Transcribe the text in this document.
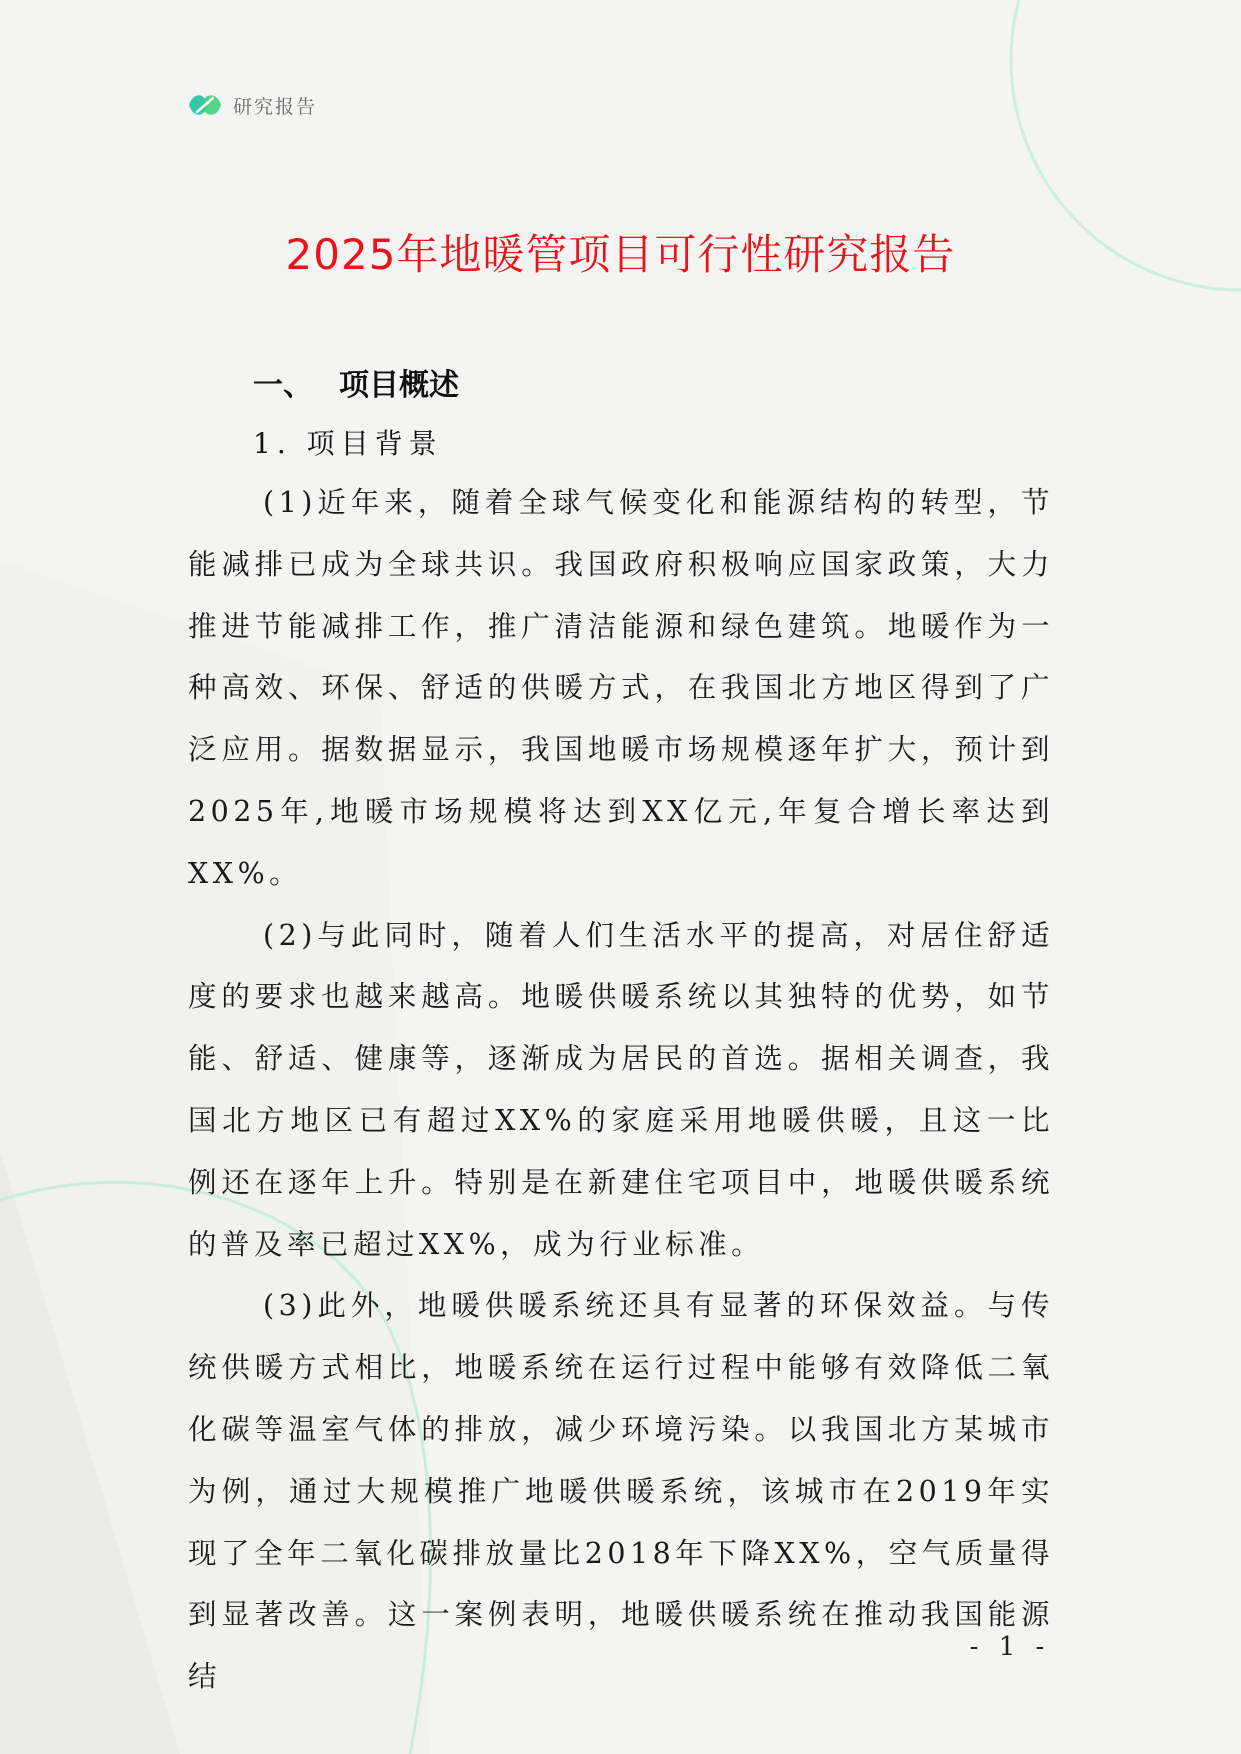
研究报告
2025年地暖管项目可行性研究报告
一、 项目概述
1. 项目背景

(1)近年来，随着全球气候变化和能源结构的转型，节能减排已成为全球共识。我国政府积极响应国家政策，大力推进节能减排工作，推广清洁能源和绿色建筑。地暖作为一种高效、环保、舒适的供暖方式，在我国北方地区得到了广泛应用。据数据显示，我国地暖市场规模逐年扩大，预计到2025年,地暖市场规模将达到XX亿元,年复合增长率达到XX%。

(2)与此同时，随着人们生活水平的提高，对居住舒适度的要求也越来越高。地暖供暖系统以其独特的优势，如节能、舒适、健康等，逐渐成为居民的首选。据相关调查，我国北方地区已有超过XX%的家庭采用地暖供暖，且这一比例还在逐年上升。特别是在新建住宅项目中，地暖供暖系统的普及率已超过XX%，成为行业标准。

(3)此外，地暖供暖系统还具有显著的环保效益。与传统供暖方式相比，地暖系统在运行过程中能够有效降低二氧化碳等温室气体的排放，减少环境污染。以我国北方某城市为例，通过大规模推广地暖供暖系统，该城市在2019年实现了全年二氧化碳排放量比2018年下降XX%，空气质量得到显著改善。这一案例表明，地暖供暖系统在推动我国能源结

- 1 -
